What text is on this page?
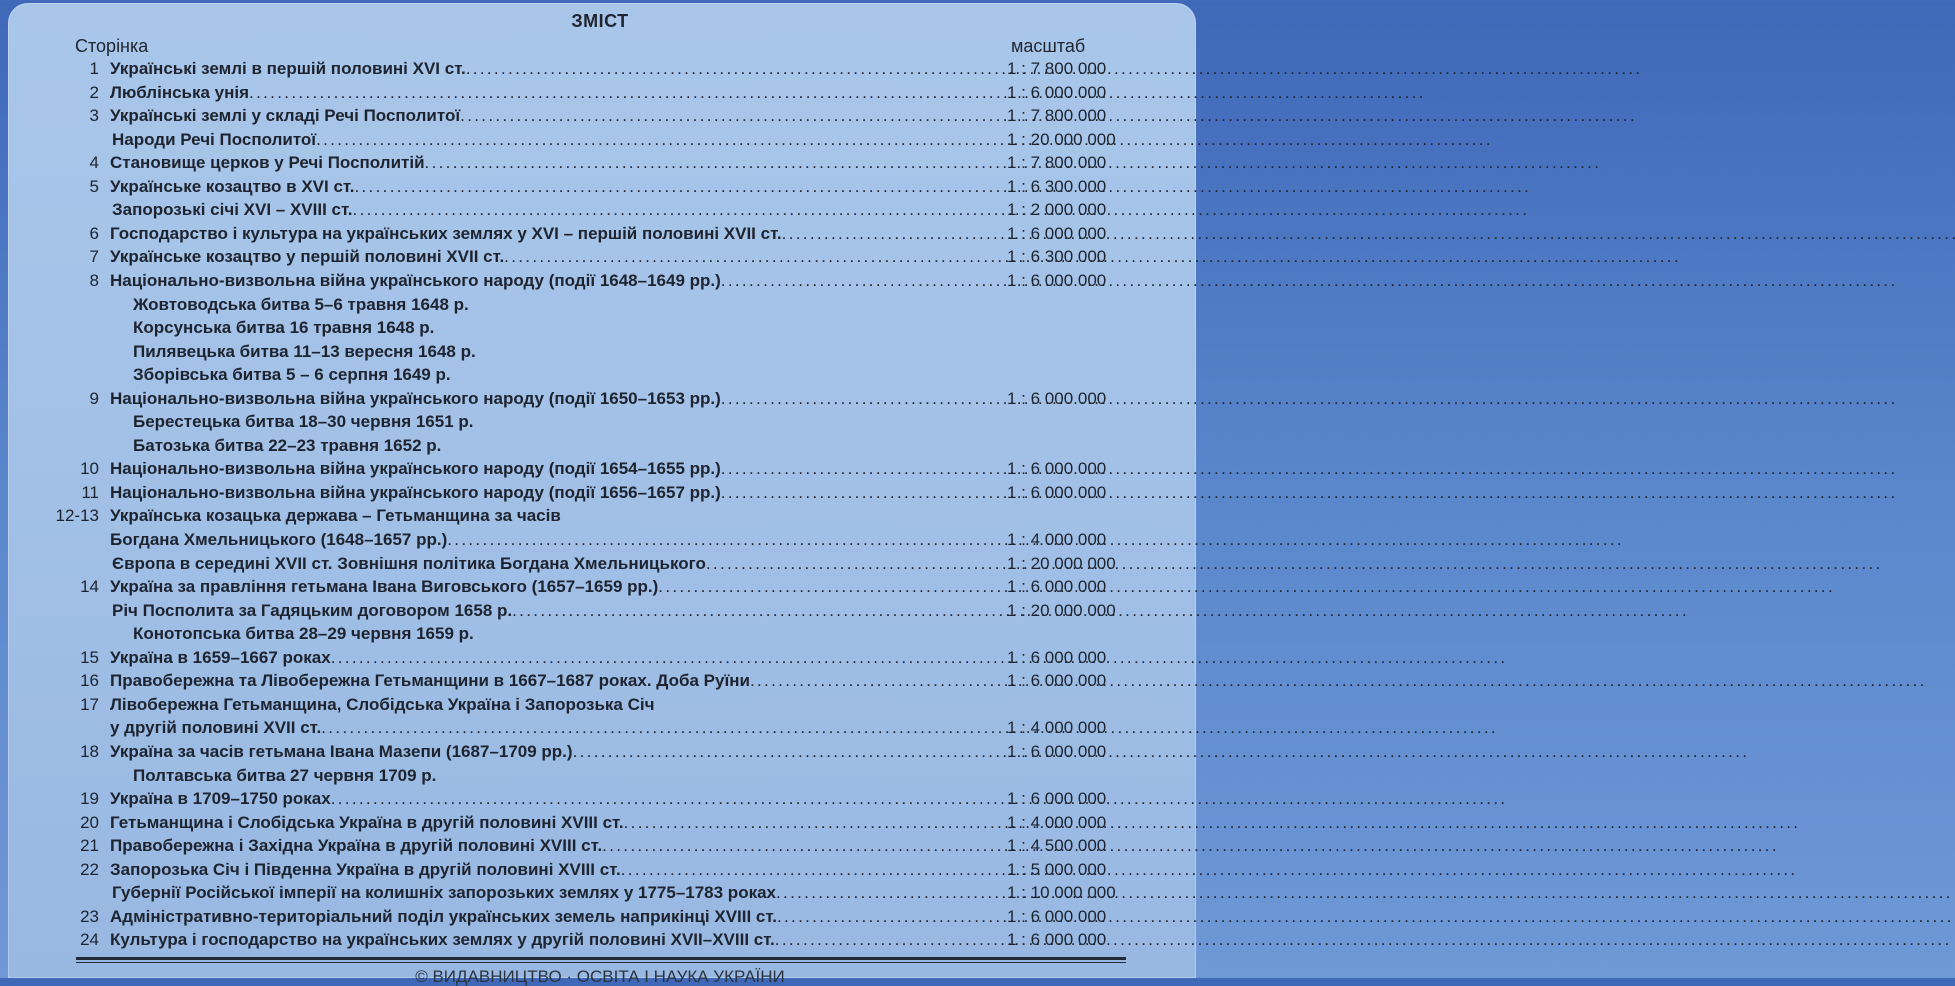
ЗМІСТ
Сторінка	масштаб
1 Українські землі в першій половині XVI ст. . . .	1 : 7 800 000
2 Люблінська унія . . .	1 : 6 000 000
3 Українські землі у складі Речі Посполитої . . .	1 : 7 800 000
Народи Речі Посполитої . . .	1 : 20 000 000
4 Становище церков у Речі Посполитій . . .	1 : 7 800 000
5 Українське козацтво в XVI ст. . . .	1 : 6 300 000
Запорозькі січі XVI – XVIII ст. . . .	1 : 2 000 000
6 Господарство і культура на українських землях у XVI – першій половині XVII ст. . . .	1 : 6 000 000
7 Українське козацтво у першій половині XVII ст. . . .	1 : 6 300 000
8 Національно-визвольна війна українського народу (події 1648–1649 рр.) . . .	1 : 6 000 000
Жовтоводська битва 5–6 травня 1648 р.
Корсунська битва 16 травня 1648 р.
Пилявецька битва 11–13 вересня 1648 р.
Зборівська битва 5 – 6 серпня 1649 р.
9 Національно-визвольна війна українського народу (події 1650–1653 рр.) . . .	1 : 6 000 000
Берестецька битва 18–30 червня 1651 р.
Батозька битва 22–23 травня 1652 р.
10 Національно-визвольна війна українського народу (події 1654–1655 рр.) . . .	1 : 6 000 000
11 Національно-визвольна війна українського народу (події 1656–1657 рр.) . . .	1 : 6 000 000
12-13 Українська козацька держава – Гетьманщина за часів
Богдана Хмельницького (1648–1657 рр.) . . .	1 : 4 000 000
Європа в середині XVII ст. Зовнішня політика Богдана Хмельницького . . .	1 : 20 000 000
14 Україна за правління гетьмана Івана Виговського (1657–1659 рр.) . . .	1 : 6 000 000
Річ Посполита за Гадяцьким договором 1658 р. . . .	1 : 20 000 000
Конотопська битва 28–29 червня 1659 р.
15 Україна в 1659–1667 роках . . .	1 : 6 000 000
16 Правобережна та Лівобережна Гетьманщини в 1667–1687 роках. Доба Руїни . . .	1 : 6 000 000
17 Лівобережна Гетьманщина, Слобідська Україна і Запорозька Січ
у другій половині XVII ст. . . .	1 : 4 000 000
18 Україна за часів гетьмана Івана Мазепи (1687–1709 рр.) . . .	1 : 6 000 000
Полтавська битва 27 червня 1709 р.
19 Україна в 1709–1750 роках . . .	1 : 6 000 000
20 Гетьманщина і Слобідська Україна в другій половині XVIII ст. . . .	1 : 4 000 000
21 Правобережна і Західна Україна в другій половині XVIII ст. . . .	1 : 4 500 000
22 Запорозька Січ і Південна Україна в другій половині XVIII ст. . . .	1 : 5 000 000
Губернії Російської імперії на колишніх запорозьких землях у 1775–1783 роках . . .	1 : 10 000 000
23 Адміністративно-територіальний поділ українських земель наприкінці XVIII ст. . . .	1 : 6 000 000
24 Культура і господарство на українських землях у другій половині XVII–XVIII ст. . . .	1 : 6 000 000
© ВИДАВНИЦТВО · ОСВІТА І НАУКА УКРАЇНИ
